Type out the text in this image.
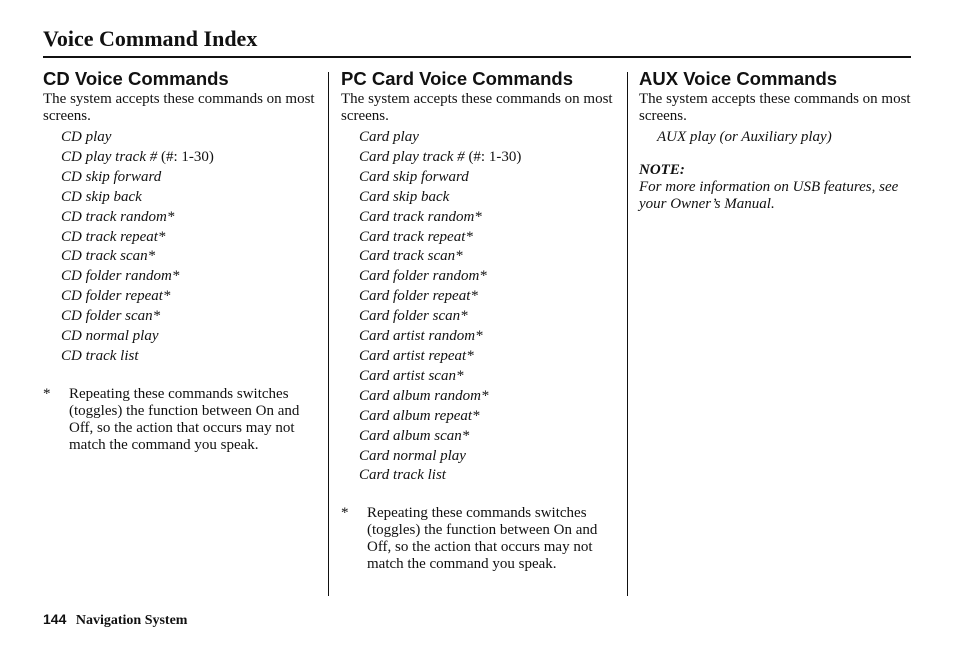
Voice Command Index
CD Voice Commands

The system accepts these commands on most screens.

CD play
CD play track # (#: 1-30)
CD skip forward
CD skip back
CD track random*
CD track repeat*
CD track scan*
CD folder random*
CD folder repeat*
CD folder scan*
CD normal play
CD track list
* Repeating these commands switches (toggles) the function between On and Off, so the action that occurs may not match the command you speak.
PC Card Voice Commands

The system accepts these commands on most screens.

Card play
Card play track # (#: 1-30)
Card skip forward
Card skip back
Card track random*
Card track repeat*
Card track scan*
Card folder random*
Card folder repeat*
Card folder scan*
Card artist random*
Card artist repeat*
Card artist scan*
Card album random*
Card album repeat*
Card album scan*
Card normal play
Card track list
* Repeating these commands switches (toggles) the function between On and Off, so the action that occurs may not match the command you speak.
AUX Voice Commands

The system accepts these commands on most screens.

AUX play (or Auxiliary play)

NOTE:

For more information on USB features, see your Owner’s Manual.

144 Navigation System
